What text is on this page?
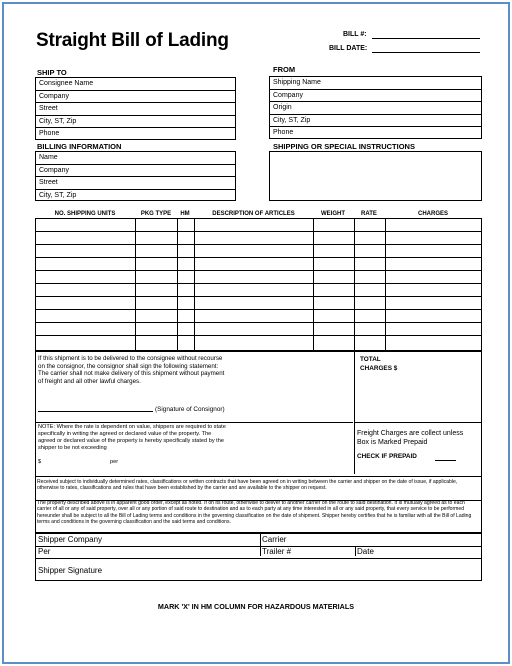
Straight Bill of Lading	BILL #:
BILL DATE:
SHIP TO
Consignee Name
Company
Street
City, ST, Zip
Phone
FROM
Shipping Name
Company
Origin
City, ST, Zip
Phone
BILLING INFORMATION
Name
Company
Street
City, ST, Zip
SHIPPING OR SPECIAL INSTRUCTIONS
NO. SHIPPING UNITS	PKG TYPE	HM	DESCRIPTION OF ARTICLES	WEIGHT	RATE	CHARGES
If this shipment is to be delivered to the consignee without recourse on the consignor, the consignor shall sign the following statement: The carrier shall not make delivery of this shipment without payment of freight and all other lawful charges.
(Signature of Consignor)
TOTAL
CHARGES $
NOTE: Where the rate is dependent on value, shippers are required to state specifically in writing the agreed or declared value of the property. The agreed or declared value of the property is hereby specifically stated by the shipper to be not exceeding
$	per
Freight Charges are collect unless Box is Marked Prepaid
CHECK IF PREPAID
Received subject to individually determined rates, classifications or written contracts that have been agreed on in writing between the carrier and shipper on the date of issue, if applicable, otherwise to rates, classifications and rules that have been established by the carrier and are available to the shipper on request.
The property described above is in apparent good order, except as noted. If on its route, otherwise to deliver to another carrier on the route to said destination. It is mutually agreed as to each carrier of all or any of said property, over all or any portion of said route to destination and as to each party at any time interested in all or any said property, that every service to be performed hereunder shall be subject to all the Bill of Lading terms and conditions in the governing classification on the date of shipment. Shipper hereby certifies that he is familiar with all the Bill of Lading terms and conditions in the governing classification and the said terms and conditions.
Shipper Company	Carrier
Per	Trailer #	Date
Shipper Signature
MARK 'X' IN HM COLUMN FOR HAZARDOUS MATERIALS
